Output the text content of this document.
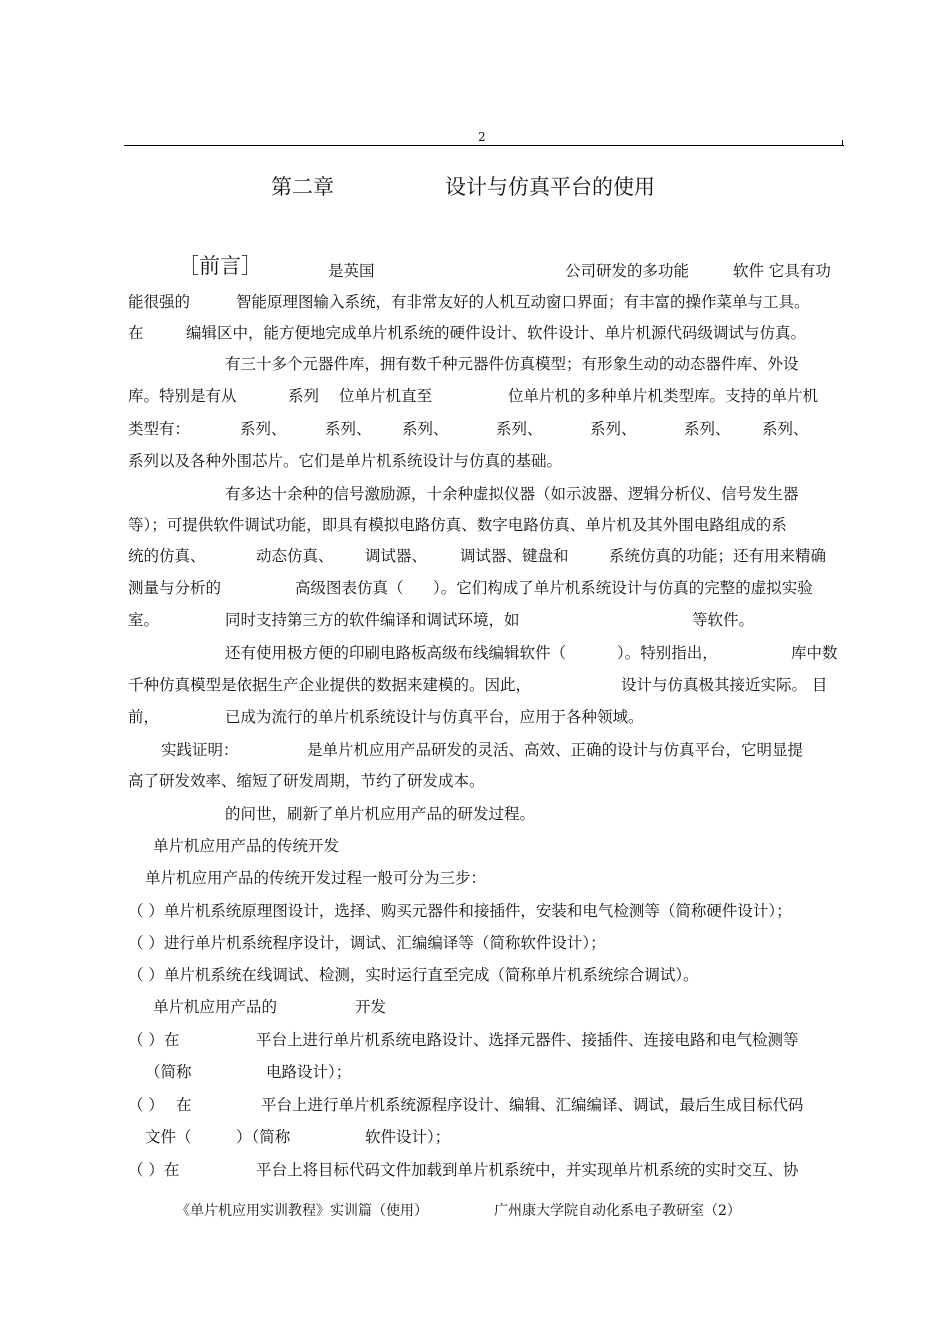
2
第二章	设计与仿真平台的使用
［前言］	是英国	公司研发的多功能	软件 它具有功
能很强的	智能原理图输入系统，有非常友好的人机互动窗口界面；有丰富的操作菜单与工具。
在	编辑区中，能方便地完成单片机系统的硬件设计、软件设计、单片机源代码级调试与仿真。
有三十多个元器件库，拥有数千种元器件仿真模型；有形象生动的动态器件库、外设
库。特别是有从	系列 位单片机直至	位单片机的多种单片机类型库。支持的单片机
类型有：	系列、 系列、 系列、	系列、	系列、	系列、 系列、
系列以及各种外围芯片。它们是单片机系统设计与仿真的基础。
有多达十余种的信号激励源，十余种虚拟仪器（如示波器、逻辑分析仪、信号发生器
等）；可提供软件调试功能，即具有模拟电路仿真、数字电路仿真、单片机及其外围电路组成的系
统的仿真、	动态仿真、 调试器、 调试器、键盘和	系统仿真的功能；还有用来精确
测量与分析的	高级图表仿真（ ）。它们构成了单片机系统设计与仿真的完整的虚拟实验
室。	同时支持第三方的软件编译和调试环境，如	等软件。
还有使用极方便的印刷电路板高级布线编辑软件（	）。特别指出，	库中数
千种仿真模型是依据生产企业提供的数据来建模的。因此，	设计与仿真极其接近实际。 目
前，	已成为流行的单片机系统设计与仿真平台，应用于各种领域。
实践证明：	是单片机应用产品研发的灵活、高效、正确的设计与仿真平台，它明显提
高了研发效率、缩短了研发周期，节约了研发成本。
的问世，刷新了单片机应用产品的研发过程。
单片机应用产品的传统开发
单片机应用产品的传统开发过程一般可分为三步：
（ ）单片机系统原理图设计，选择、购买元器件和接插件，安装和电气检测等（简称硬件设计）；
（ ）进行单片机系统程序设计，调试、汇编编译等（简称软件设计）；
（ ）单片机系统在线调试、检测，实时运行直至完成（简称单片机系统综合调试）。
单片机应用产品的	开发
（ ）在	平台上进行单片机系统电路设计、选择元器件、接插件、连接电路和电气检测等
（简称	电路设计）；
（ ） 在	平台上进行单片机系统源程序设计、编辑、汇编编译、调试，最后生成目标代码
文件（	）（简称	软件设计）；
（ ）在	平台上将目标代码文件加载到单片机系统中，并实现单片机系统的实时交互、协
《单片机应用实训教程》实训篇（使用）	广州康大学院自动化系电子教研室（2）
